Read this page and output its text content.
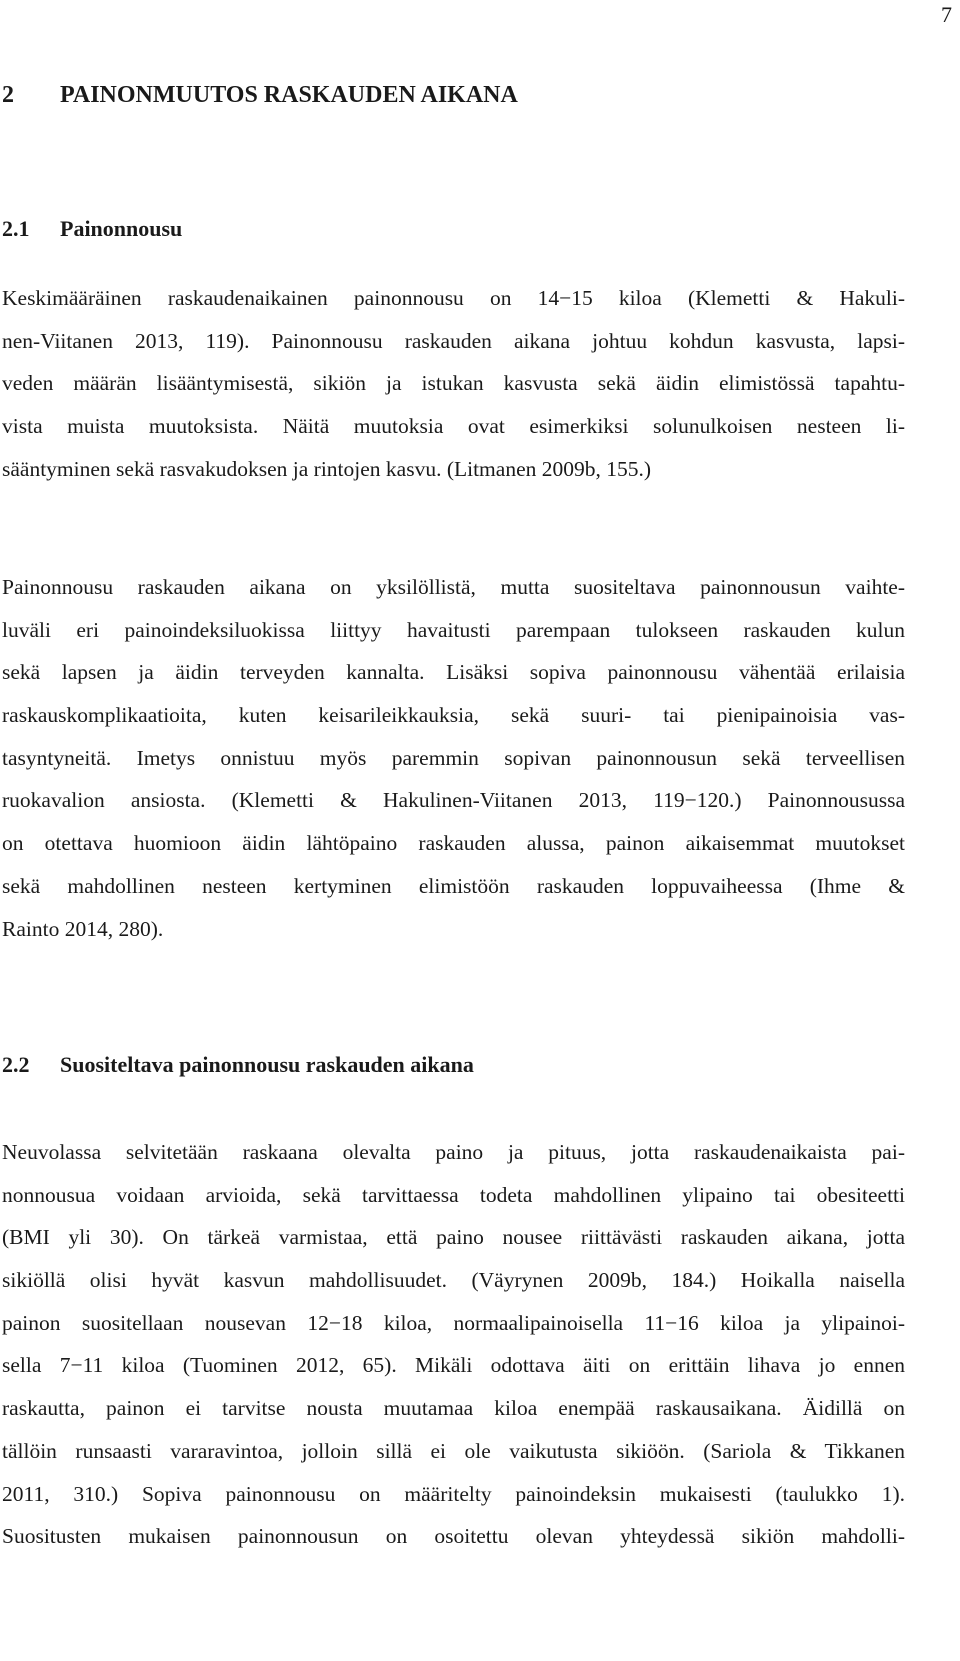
7
2 PAINONMUUTOS RASKAUDEN AIKANA
2.1 Painonnousu
Keskimääräinen raskaudenaikainen painonnousu on 14−15 kiloa (Klemetti & Hakuli-
nen-Viitanen 2013, 119). Painonnousu raskauden aikana johtuu kohdun kasvusta, lapsi-
veden määrän lisääntymisestä, sikiön ja istukan kasvusta sekä äidin elimistössä tapahtu-
vista muista muutoksista. Näitä muutoksia ovat esimerkiksi solunulkoisen nesteen li-
sääntyminen sekä rasvakudoksen ja rintojen kasvu. (Litmanen 2009b, 155.)
Painonnousu raskauden aikana on yksilöllistä, mutta suositeltava painonnousun vaihte-
luväli eri painoindeksiluokissa liittyy havaitusti parempaan tulokseen raskauden kulun
sekä lapsen ja äidin terveyden kannalta. Lisäksi sopiva painonnousu vähentää erilaisia
raskauskomplikaatioita, kuten keisarileikkauksia, sekä suuri- tai pienipainoisia vas-
tasyntyneitä. Imetys onnistuu myös paremmin sopivan painonnousun sekä terveellisen
ruokavalion ansiosta. (Klemetti & Hakulinen-Viitanen 2013, 119−120.) Painonnousussa
on otettava huomioon äidin lähtöpaino raskauden alussa, painon aikaisemmat muutokset
sekä mahdollinen nesteen kertyminen elimistöön raskauden loppuvaiheessa (Ihme &
Rainto 2014, 280).
2.2 Suositeltava painonnousu raskauden aikana
Neuvolassa selvitetään raskaana olevalta paino ja pituus, jotta raskaudenaikaista pai-
nonnousua voidaan arvioida, sekä tarvittaessa todeta mahdollinen ylipaino tai obesiteetti
(BMI yli 30). On tärkeä varmistaa, että paino nousee riittävästi raskauden aikana, jotta
sikiöllä olisi hyvät kasvun mahdollisuudet. (Väyrynen 2009b, 184.) Hoikalla naisella
painon suositellaan nousevan 12−18 kiloa, normaalipainoisella 11−16 kiloa ja ylipainoi-
sella 7−11 kiloa (Tuominen 2012, 65). Mikäli odottava äiti on erittäin lihava jo ennen
raskautta, painon ei tarvitse nousta muutamaa kiloa enempää raskausaikana. Äidillä on
tällöin runsaasti vararavintoa, jolloin sillä ei ole vaikutusta sikiöön. (Sariola & Tikkanen
2011, 310.) Sopiva painonnousu on määritelty painoindeksin mukaisesti (taulukko 1).
Suositusten mukaisen painonnousun on osoitettu olevan yhteydessä sikiön mahdolli-
